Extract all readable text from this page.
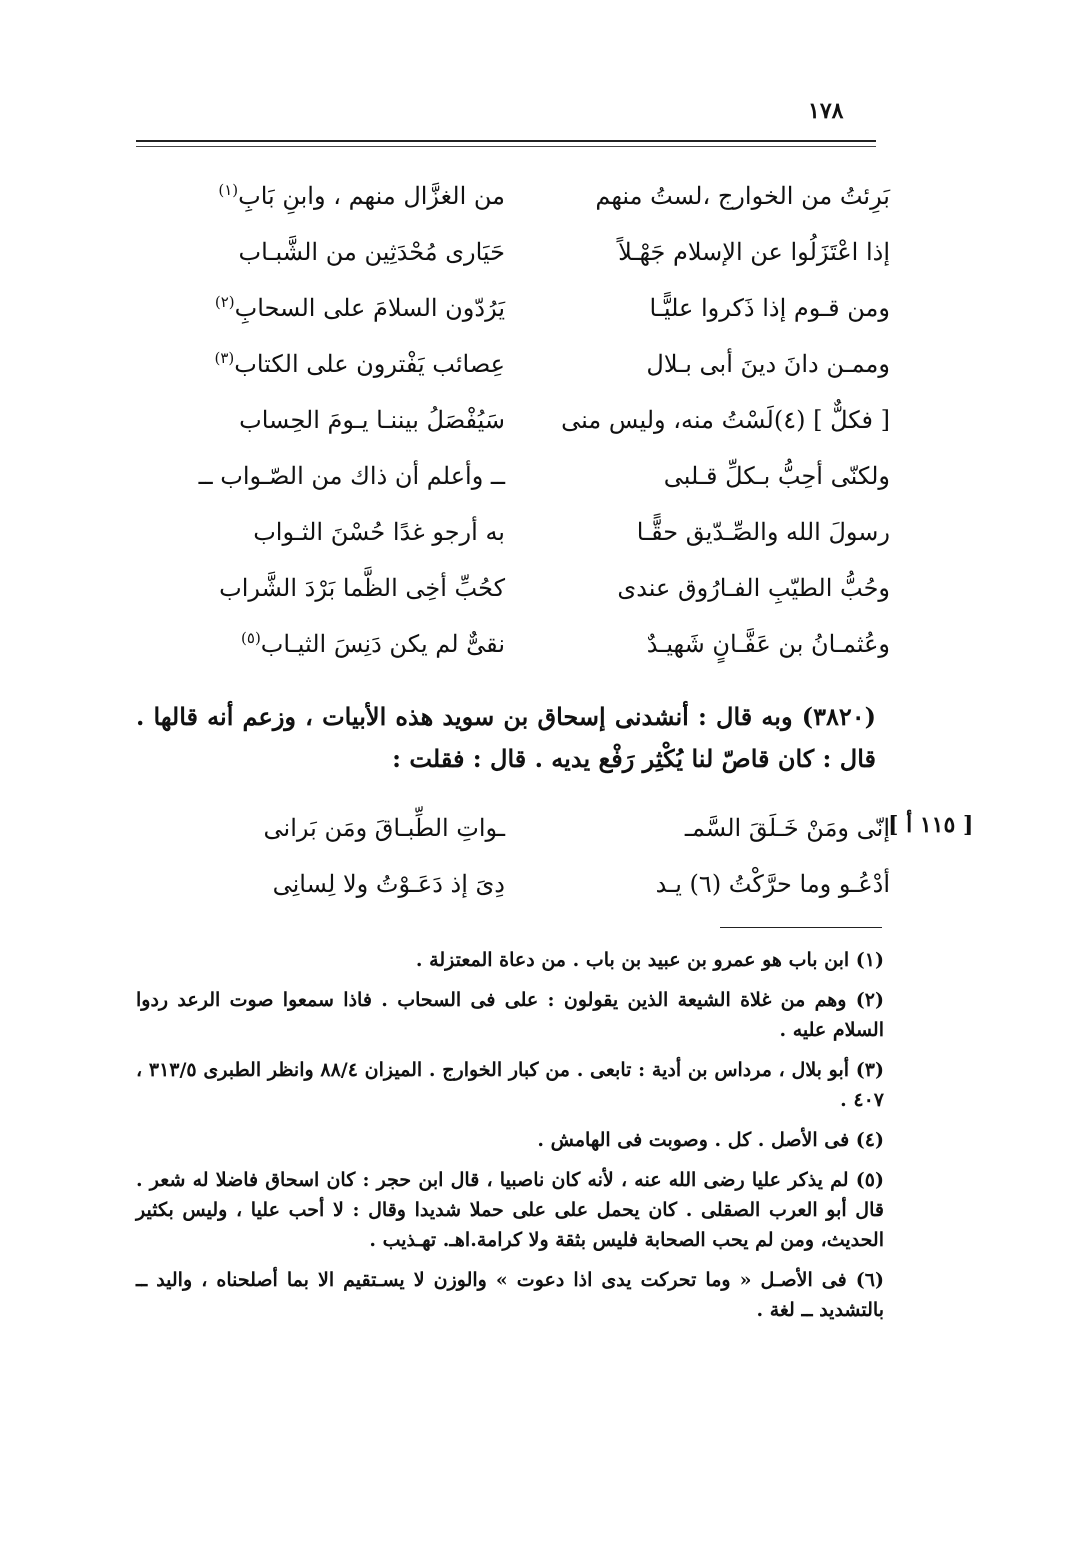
١٧٨
بَرِئتُ من الخوارج ،لستُ منهم
من الغزَّال منهم ، وابنِ بَابِ$^{(١)}$
إذا اعْتَزَلُوا عن الإسلام جَهْـلاً
حَيَارى مُحْدَثِين من الشَّبـاب
ومن قـوم إذا ذَكروا عليًّـا
يَرُدّون السلامَ على السحابِ$^{(٢)}$
وممـن دانَ دينَ أبى بـلال
عِصائب يَفْترون على الكتاب$^{(٣)}$
[ فكلٌّ ] (٤)لَسْتُ منه، وليس منى
سَيُفْصَلُ بيننـا يـومَ الحِساب
ولكنّى أحِبُّ بـكلِّ قـلبى
ــ وأعلم أن ذاك من الصّـواب ــ
رسولَ الله والصِّـدّيق حقًّـا
به أرجو غدًا حُسْنَ الثـواب
وحُبُّ الطيّبِ الفـارُوق عندى
كحُبِّ أخِى الظَّما بَرْدَ الشَّراب
وعُثمـانُ بن عَفَّـانٍ شَهيـدٌ
نقىٌّ لم يكن دَنِسَ الثيـاب$^{(٥)}$
(٣٨٢٠) وبه قال : أنشدنى إسحاق بن سويد هذه الأبيات ، وزعم أنه قالها . قال : كان قاصّ لنا يُكْثِر رَفْع يديه . قال : فقلت :
[ ١١٥ أ ]
إنّى ومَنْ خَـلَقَ السَّمـ
ـواتِ الطِّبـاقَ ومَن بَرانى
أدْعُـو وما حرَّكْتُ (٦) يـد
دِىَ إذ دَعَـوْتُ ولا لِسانِى

(١) ابن باب هو عمرو بن عبيد بن باب . من دعاة المعتزلة .

(٢) وهم من غلاة الشيعة الذين يقولون : على فى السحاب . فاذا سمعوا صوت الرعد ردوا السلام عليه .

(٣) أبو بلال ، مرداس بن أدية : تابعى . من كبار الخوارج . الميزان ٨٨/٤ وانظر الطبرى ٣١٣/٥ ، ٤٠٧ .

(٤) فى الأصل . كل . وصوبت فى الهامش .

(٥) لم يذكر عليا رضى الله عنه ، لأنه كان ناصبيا ، قال ابن حجر : كان اسحاق فاضلا له شعر . قال أبو العرب الصقلى . كان يحمل على على حملا شديدا وقال : لا أحب عليا ، وليس بكثير الحديث، ومن لم يحب الصحابة فليس بثقة ولا كرامة.اهـ. تهـذيب .

(٦) فى الأصـل « وما تحركت يدى اذا دعوت » والوزن لا يسـتقيم الا بما أصلحناه ، واليد ــ بالتشديد ــ لغة .
